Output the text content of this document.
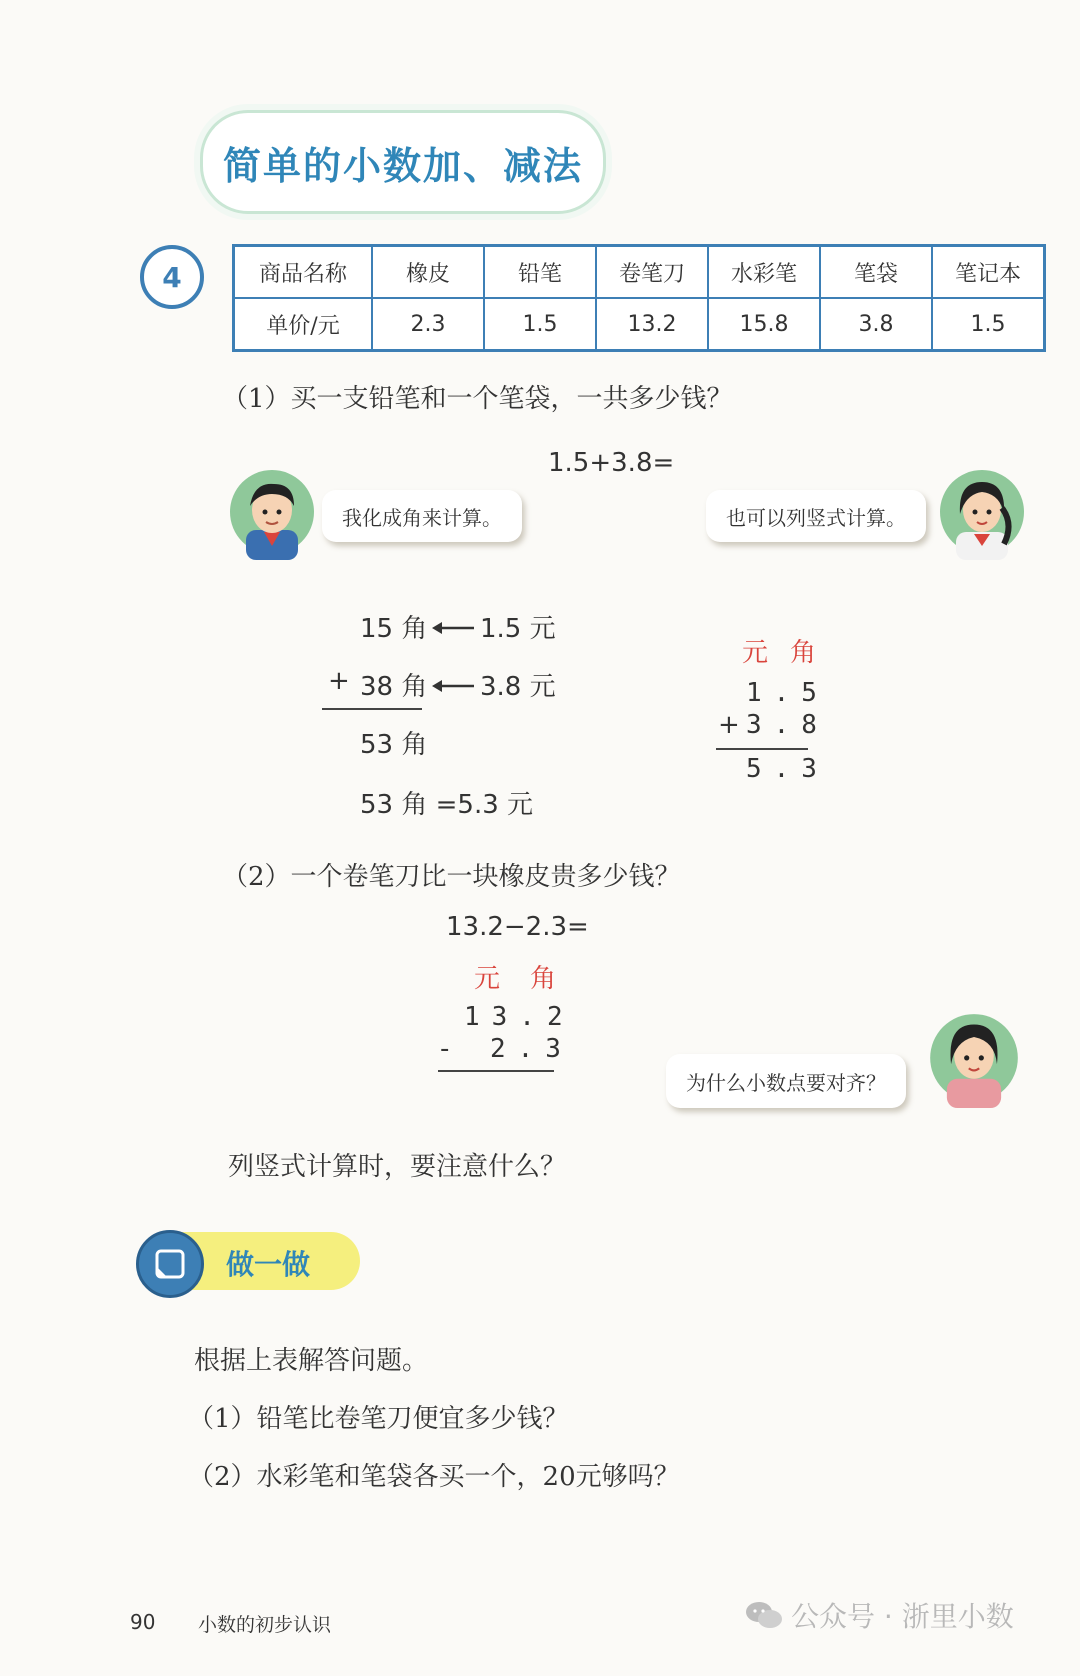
简单的小数加、减法
4	商品名称	橡皮	铅笔	卷笔刀	水彩笔	笔袋	笔记本
单价/元	2.3	1.5	13.2	15.8	3.8	1.5
（1）买一支铅笔和一个笔袋，一共多少钱？
1.5+3.8=
我化成角来计算。	也可以列竖式计算。
15 角 1.5 元
+ 38 角 3.8 元
53 角
53 角 =5.3 元
元 角
1.5
+ 3.8
5.3
（2）一个卷笔刀比一块橡皮贵多少钱？
13.2−2.3=
元 角
13.2
- 2.3
为什么小数点要对齐？
列竖式计算时，要注意什么？
做一做
根据上表解答问题。
（1）铅笔比卷笔刀便宜多少钱？
（2）水彩笔和笔袋各买一个，20元够吗？
90 小数的初步认识	公众号 · 浙里小数
